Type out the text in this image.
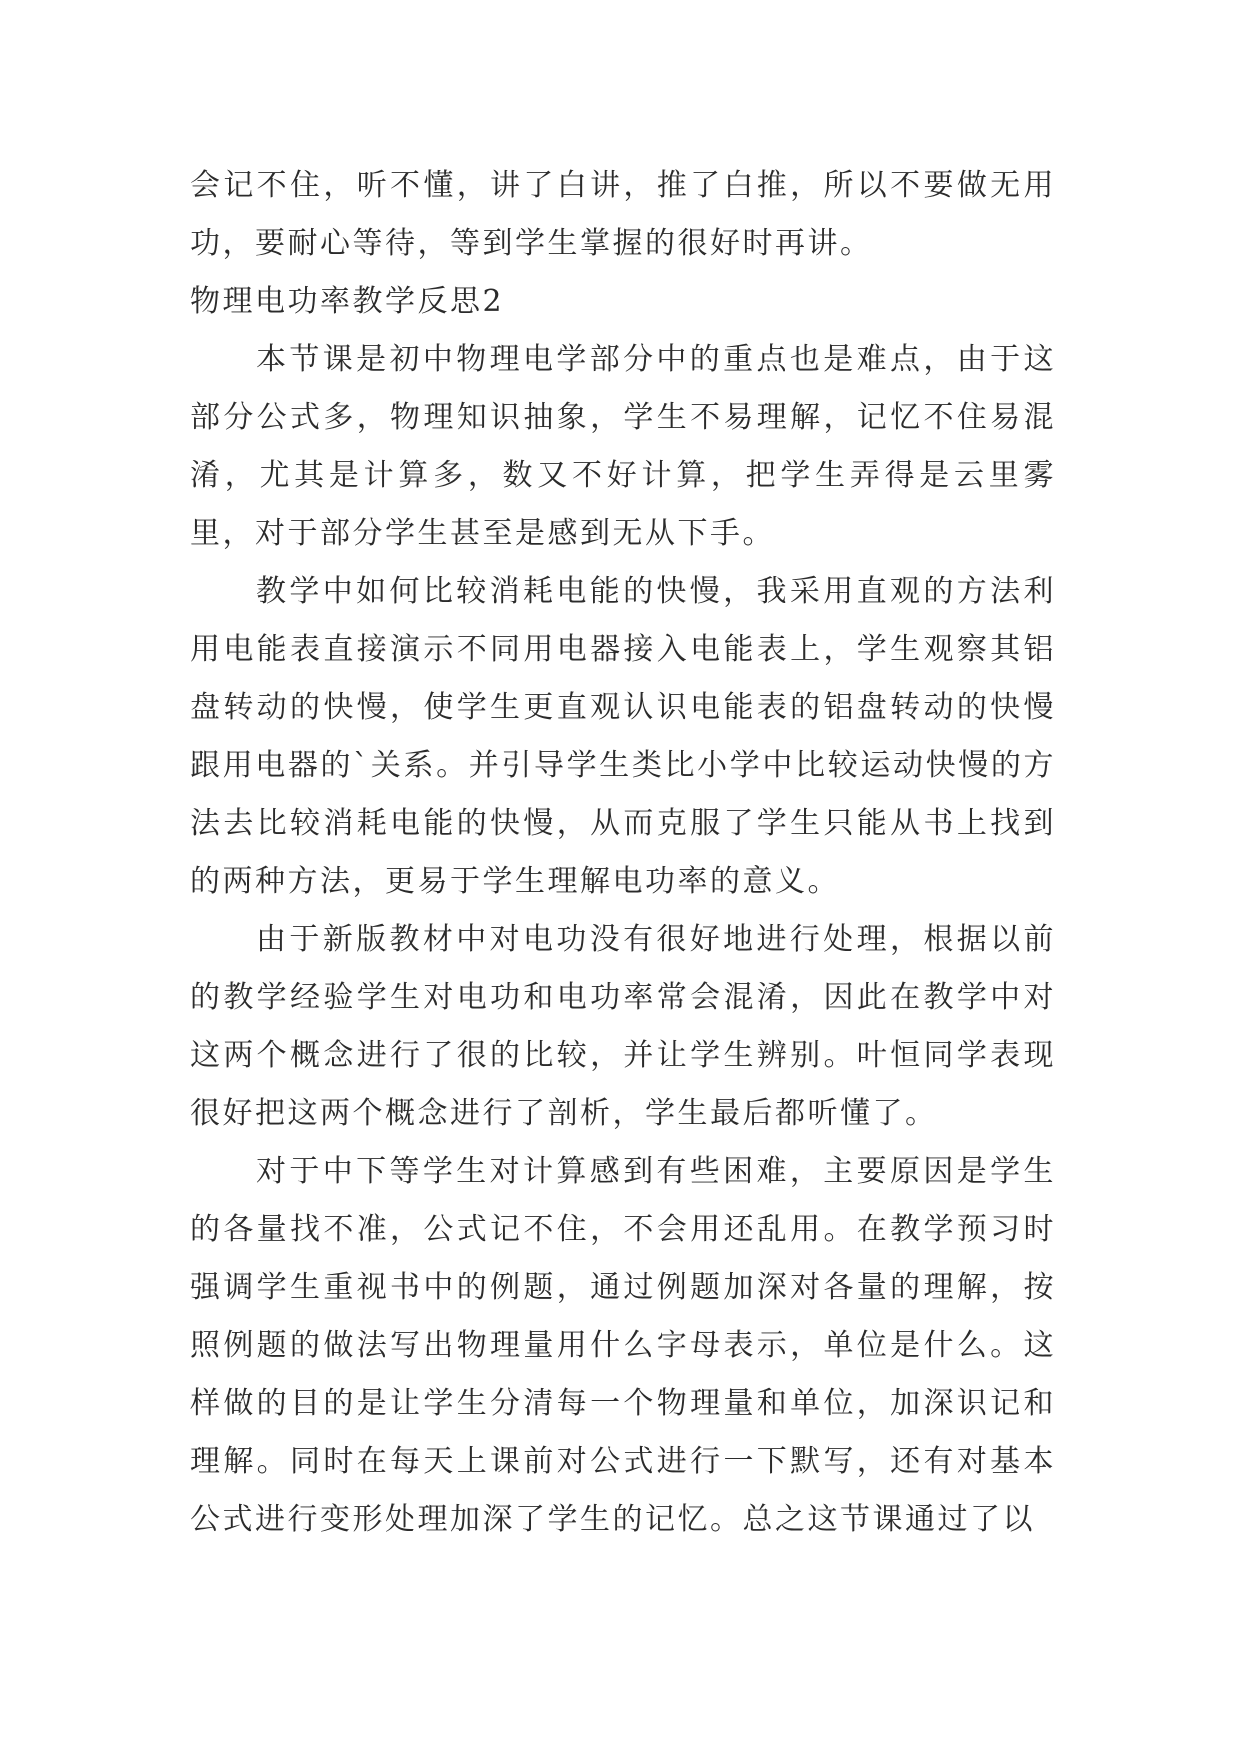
会记不住，听不懂，讲了白讲，推了白推，所以不要做无用功，要耐心等待，等到学生掌握的很好时再讲。

物理电功率教学反思2

本节课是初中物理电学部分中的重点也是难点，由于这部分公式多，物理知识抽象，学生不易理解，记忆不住易混淆，尤其是计算多，数又不好计算，把学生弄得是云里雾里，对于部分学生甚至是感到无从下手。

教学中如何比较消耗电能的快慢，我采用直观的方法利用电能表直接演示不同用电器接入电能表上，学生观察其铝盘转动的快慢，使学生更直观认识电能表的铝盘转动的快慢跟用电器的`关系。并引导学生类比小学中比较运动快慢的方法去比较消耗电能的快慢，从而克服了学生只能从书上找到的两种方法，更易于学生理解电功率的意义。

由于新版教材中对电功没有很好地进行处理，根据以前的教学经验学生对电功和电功率常会混淆，因此在教学中对这两个概念进行了很的比较，并让学生辨别。叶恒同学表现很好把这两个概念进行了剖析，学生最后都听懂了。

对于中下等学生对计算感到有些困难，主要原因是学生的各量找不准，公式记不住，不会用还乱用。在教学预习时强调学生重视书中的例题，通过例题加深对各量的理解，按照例题的做法写出物理量用什么字母表示，单位是什么。这样做的目的是让学生分清每一个物理量和单位，加深识记和理解。同时在每天上课前对公式进行一下默写，还有对基本公式进行变形处理加深了学生的记忆。总之这节课通过了以
